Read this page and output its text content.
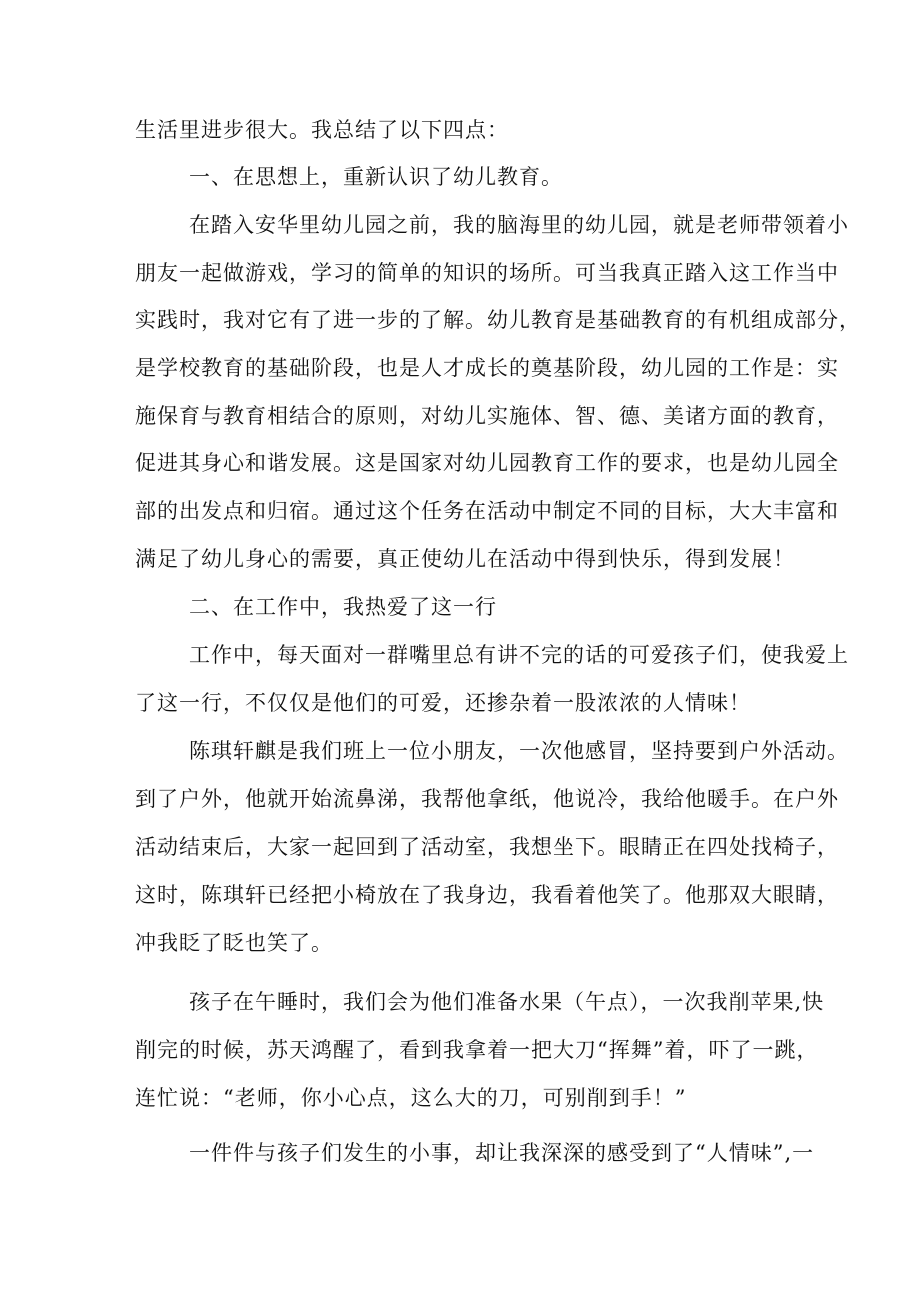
生活里进步很大。我总结了以下四点：
一、在思想上，重新认识了幼儿教育。
在踏入安华里幼儿园之前，我的脑海里的幼儿园，就是老师带领着小
朋友一起做游戏，学习的简单的知识的场所。可当我真正踏入这工作当中
实践时，我对它有了进一步的了解。幼儿教育是基础教育的有机组成部分，
是学校教育的基础阶段，也是人才成长的奠基阶段，幼儿园的工作是：实
施保育与教育相结合的原则，对幼儿实施体、智、德、美诸方面的教育，
促进其身心和谐发展。这是国家对幼儿园教育工作的要求，也是幼儿园全
部的出发点和归宿。通过这个任务在活动中制定不同的目标，大大丰富和
满足了幼儿身心的需要，真正使幼儿在活动中得到快乐，得到发展！
二、在工作中，我热爱了这一行
工作中，每天面对一群嘴里总有讲不完的话的可爱孩子们，使我爱上
了这一行，不仅仅是他们的可爱，还掺杂着一股浓浓的人情味！
陈琪轩麒是我们班上一位小朋友，一次他感冒，坚持要到户外活动。
到了户外，他就开始流鼻涕，我帮他拿纸，他说冷，我给他暖手。在户外
活动结束后，大家一起回到了活动室，我想坐下。眼睛正在四处找椅子，
这时，陈琪轩已经把小椅放在了我身边，我看着他笑了。他那双大眼睛，
冲我眨了眨也笑了。
孩子在午睡时，我们会为他们准备水果（午点），一次我削苹果,快
削完的时候，苏天鸿醒了，看到我拿着一把大刀“挥舞”着，吓了一跳，
连忙说：“老师，你小心点，这么大的刀，可别削到手！”
一件件与孩子们发生的小事，却让我深深的感受到了“人情味”,一
